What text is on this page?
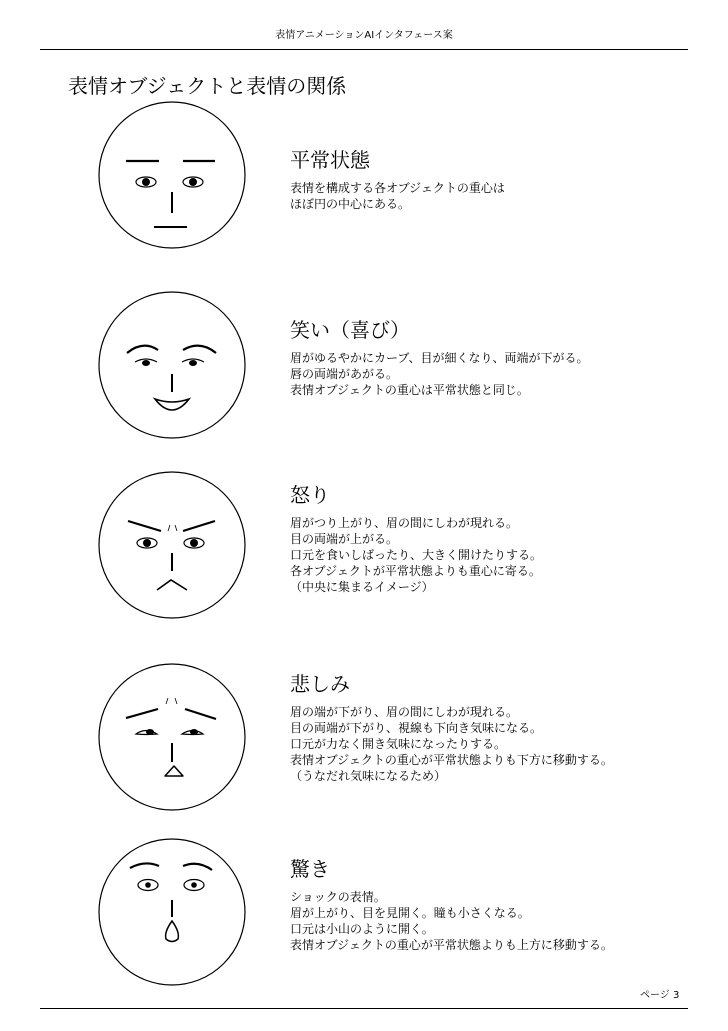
表情アニメーションAIインタフェース案
表情オブジェクトと表情の関係
平常状態

表情を構成する各オブジェクトの重心は

ほぼ円の中心にある。

笑い（喜び）

眉がゆるやかにカーブ、目が細くなり、両端が下がる。

唇の両端があがる。

表情オブジェクトの重心は平常状態と同じ。

怒り

眉がつり上がり、眉の間にしわが現れる。

目の両端が上がる。

口元を食いしばったり、大きく開けたりする。

各オブジェクトが平常状態よりも重心に寄る。

（中央に集まるイメージ）

悲しみ

眉の端が下がり、眉の間にしわが現れる。

目の両端が下がり、視線も下向き気味になる。

口元が力なく開き気味になったりする。

表情オブジェクトの重心が平常状態よりも下方に移動する。

（うなだれ気味になるため）

驚き

ショックの表情。

眉が上がり、目を見開く。瞳も小さくなる。

口元は小山のように開く。

表情オブジェクトの重心が平常状態よりも上方に移動する。

ページ 3
